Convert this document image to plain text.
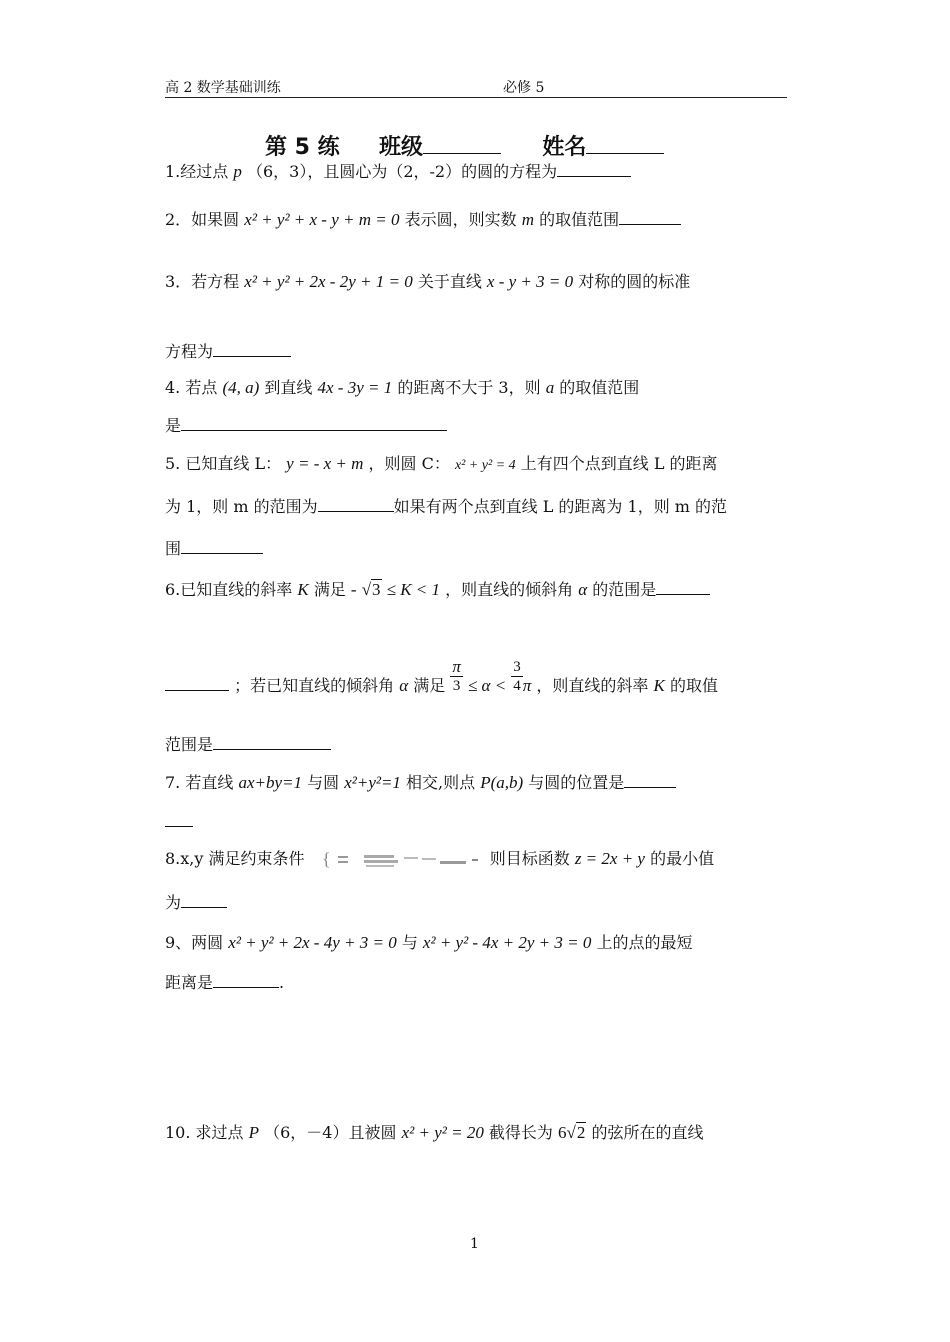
高 2 数学基础训练	必修 5
第 5 练 班级	姓名
1.经过点 p （6，3），且圆心为（2，-2）的圆的方程为
2．如果圆 x² + y² + x - y + m = 0 表示圆，则实数 m 的取值范围
3．若方程 x² + y² + 2x - 2y + 1 = 0 关于直线 x - y + 3 = 0 对称的圆的标准
方程为
4. 若点 (4, a) 到直线 4x - 3y = 1 的距离不大于 3，则 a 的取值范围
是
5. 已知直线 L： y = - x + m ，则圆 C： x² + y² = 4 上有四个点到直线 L 的距离
为 1，则 m 的范围为	如果有两个点到直线 L 的距离为 1，则 m 的范
围
6.已知直线的斜率 K 满足 - √3 ≤ K < 1 ，则直线的倾斜角 α 的范围是
；若已知直线的倾斜角 α 满足 $\frac{\pi}{3} \le \alpha < \frac{3}{4}$ π ，则直线的斜率 K 的取值
范围是
7. 若直线 ax+by=1 与圆 x²+y²=1 相交,则点 P(a,b) 与圆的位置是
8.x,y 满足约束条件 {	则目标函数 z = 2x + y 的最小值
为
9、两圆 x² + y² + 2x - 4y + 3 = 0 与 x² + y² - 4x + 2y + 3 = 0 上的点的最短
距离是	.
10. 求过点 P （6，－4）且被圆 x² + y² = 20 截得长为 6√2 的弦所在的直线
1
